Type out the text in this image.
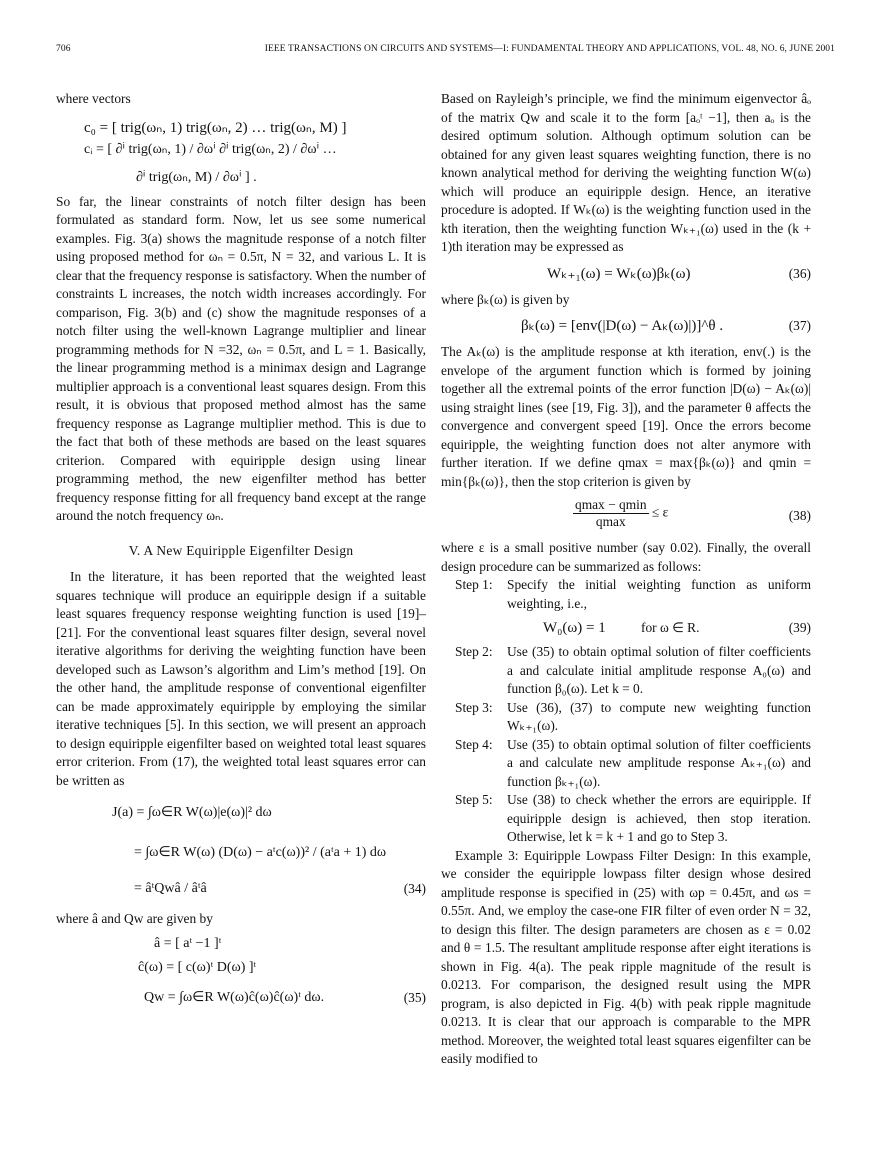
706	IEEE TRANSACTIONS ON CIRCUITS AND SYSTEMS—I: FUNDAMENTAL THEORY AND APPLICATIONS, VOL. 48, NO. 6, JUNE 2001

where vectors

c₀ = [ trig(ωₙ, 1) trig(ωₙ, 2) … trig(ωₙ, M) ]
cᵢ = [ ∂ⁱ trig(ωₙ, 1) / ∂ωⁱ ∂ⁱ trig(ωₙ, 2) / ∂ωⁱ …
∂ⁱ trig(ωₙ, M) / ∂ωⁱ ] .

So far, the linear constraints of notch filter design has been formulated as standard form. Now, let us see some numerical examples. Fig. 3(a) shows the magnitude response of a notch filter using proposed method for ωₙ = 0.5π, N = 32, and various L. It is clear that the frequency response is satisfactory. When the number of constraints L increases, the notch width increases accordingly. For comparison, Fig. 3(b) and (c) show the magnitude responses of a notch filter using the well-known Lagrange multiplier and linear programming methods for N =32, ωₙ = 0.5π, and L = 1. Basically, the linear programming method is a minimax design and Lagrange multiplier approach is a conventional least squares design. From this result, it is obvious that proposed method almost has the same frequency response as Lagrange multiplier method. This is due to the fact that both of these methods are based on the least squares criterion. Compared with equiripple design using linear programming method, the new eigenfilter method has better frequency response fitting for all frequency band except at the range around the notch frequency ωₙ.

V. A New Equiripple Eigenfilter Design

In the literature, it has been reported that the weighted least squares technique will produce an equiripple design if a suitable least squares frequency response weighting function is used [19]–[21]. For the conventional least squares filter design, several novel iterative algorithms for deriving the weighting function have been developed such as Lawson’s algorithm and Lim’s method [19]. On the other hand, the amplitude response of conventional eigenfilter can be made approximately equiripple by employing the similar iterative techniques [5]. In this section, we will present an approach to design equiripple eigenfilter based on weighted total least squares error criterion. From (17), the weighted total least squares error can be written as

J(a) = ∫ω∈R W(ω)|e(ω)|² dω
= ∫ω∈R W(ω) (D(ω) − aᵗc(ω))² / (aᵗa + 1) dω
= âᵗQwâ / âᵗâ	(34)

where â and Qw are given by

â = [ aᵗ −1 ]ᵗ
ĉ(ω) = [ c(ω)ᵗ D(ω) ]ᵗ
Qw = ∫ω∈R W(ω)ĉ(ω)ĉ(ω)ᵗ dω.	(35)

Based on Rayleigh’s principle, we find the minimum eigenvector âₒ of the matrix Qw and scale it to the form [aₒᵗ −1], then aₒ is the desired optimum solution. Although optimum solution can be obtained for any given least squares weighting function, there is no known analytical method for deriving the weighting function W(ω) which will produce an equiripple design. Hence, an iterative procedure is adopted. If Wₖ(ω) is the weighting function used in the kth iteration, then the weighting function Wₖ₊₁(ω) used in the (k + 1)th iteration may be expressed as

Wₖ₊₁(ω) = Wₖ(ω)βₖ(ω)	(36)

where βₖ(ω) is given by

βₖ(ω) = [env(|D(ω) − Aₖ(ω)|)]^θ .	(37)

The Aₖ(ω) is the amplitude response at kth iteration, env(.) is the envelope of the argument function which is formed by joining together all the extremal points of the error function |D(ω) − Aₖ(ω)| using straight lines (see [19, Fig. 3]), and the parameter θ affects the convergence and convergent speed [19]. Once the errors become equiripple, the weighting function does not alter anymore with further iteration. If we define qmax = max{βₖ(ω)} and qmin = min{βₖ(ω)}, then the stop criterion is given by

$\frac{qmax - qmin}{qmax} \le \varepsilon$	(38)

where ε is a small positive number (say 0.02). Finally, the overall design procedure can be summarized as follows:

Step 1: Specify the initial weighting function as uniform weighting, i.e.,
W₀(ω) = 1	for ω ∈ R.	(39)
Step 2: Use (35) to obtain optimal solution of filter coefficients a and calculate initial amplitude response A₀(ω) and function β₀(ω). Let k = 0.
Step 3: Use (36), (37) to compute new weighting function Wₖ₊₁(ω).
Step 4: Use (35) to obtain optimal solution of filter coefficients a and calculate new amplitude response Aₖ₊₁(ω) and function βₖ₊₁(ω).
Step 5: Use (38) to check whether the errors are equiripple. If equiripple design is achieved, then stop iteration. Otherwise, let k = k + 1 and go to Step 3.

Example 3: Equiripple Lowpass Filter Design: In this example, we consider the equiripple lowpass filter design whose desired amplitude response is specified in (25) with ωp = 0.45π, and ωs = 0.55π. And, we employ the case-one FIR filter of even order N = 32, to design this filter. The design parameters are chosen as ε = 0.02 and θ = 1.5. The resultant amplitude response after eight iterations is shown in Fig. 4(a). The peak ripple magnitude of the result is 0.0213. For comparison, the designed result using the MPR program, is also depicted in Fig. 4(b) with peak ripple magnitude 0.0213. It is clear that our approach is comparable to the MPR method. Moreover, the weighted total least squares eigenfilter can be easily modified to
